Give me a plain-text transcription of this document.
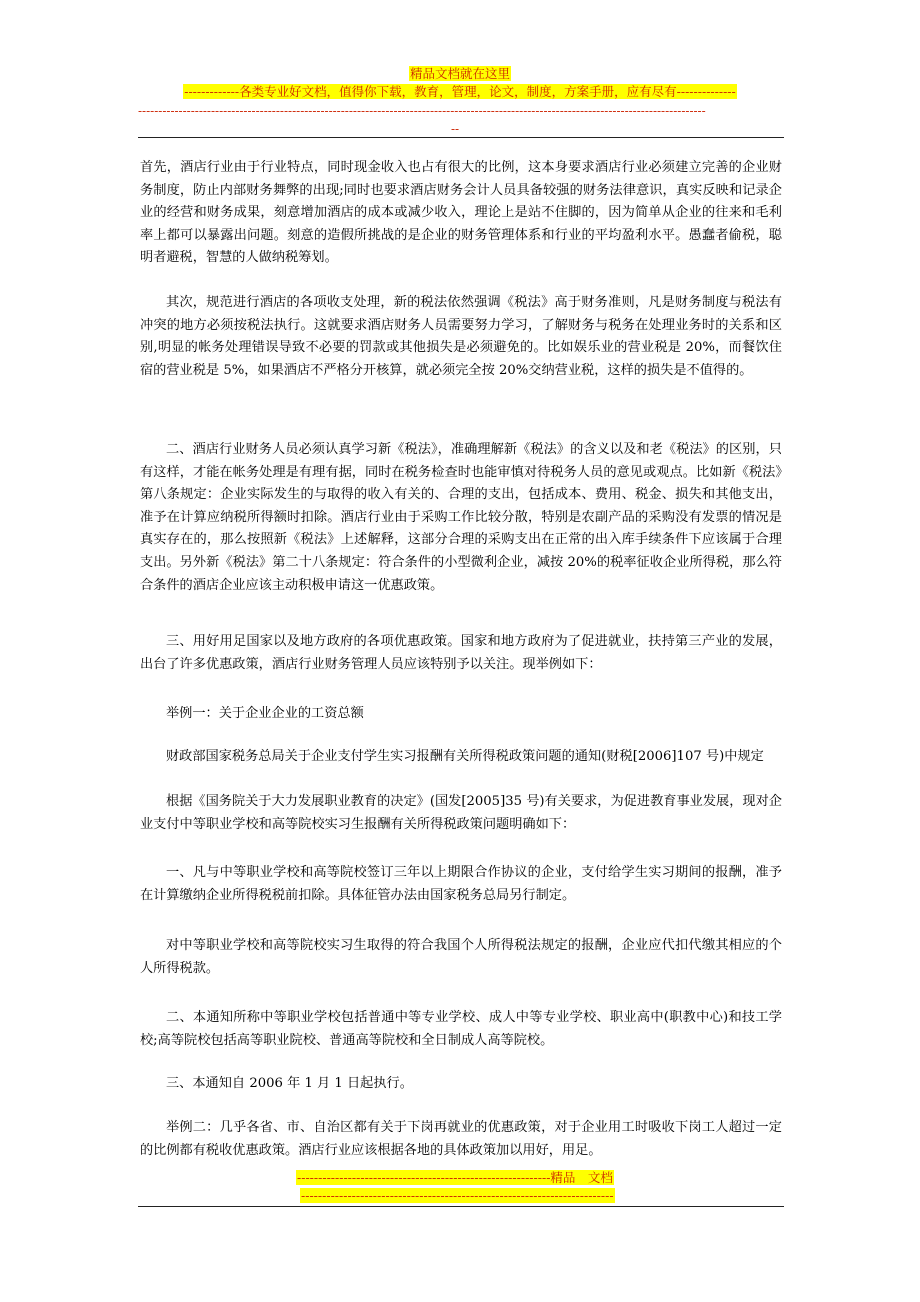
精品文档就在这里
-------------各类专业好文档，值得你下载，教育，管理，论文，制度，方案手册，应有尽有--------------
--------------------------------------------------------------------------------------------------------------------------------------------
--
首先，酒店行业由于行业特点，同时现金收入也占有很大的比例，这本身要求酒店行业必须建立完善的企业财务制度，防止内部财务舞弊的出现;同时也要求酒店财务会计人员具备较强的财务法律意识，真实反映和记录企业的经营和财务成果，刻意增加酒店的成本或减少收入，理论上是站不住脚的，因为简单从企业的往来和毛利率上都可以暴露出问题。刻意的造假所挑战的是企业的财务管理体系和行业的平均盈利水平。愚蠢者偷税，聪明者避税，智慧的人做纳税筹划。
其次，规范进行酒店的各项收支处理，新的税法依然强调《税法》高于财务准则，凡是财务制度与税法有冲突的地方必须按税法执行。这就要求酒店财务人员需要努力学习，了解财务与税务在处理业务时的关系和区别,明显的帐务处理错误导致不必要的罚款或其他损失是必须避免的。比如娱乐业的营业税是 20%，而餐饮住宿的营业税是 5%，如果酒店不严格分开核算，就必须完全按 20%交纳营业税，这样的损失是不值得的。
二、酒店行业财务人员必须认真学习新《税法》，准确理解新《税法》的含义以及和老《税法》的区别，只有这样，才能在帐务处理是有理有据，同时在税务检查时也能审慎对待税务人员的意见或观点。比如新《税法》第八条规定：企业实际发生的与取得的收入有关的、合理的支出，包括成本、费用、税金、损失和其他支出，准予在计算应纳税所得额时扣除。酒店行业由于采购工作比较分散，特别是农副产品的采购没有发票的情况是真实存在的，那么按照新《税法》上述解释，这部分合理的采购支出在正常的出入库手续条件下应该属于合理支出。另外新《税法》第二十八条规定：符合条件的小型微利企业，减按 20%的税率征收企业所得税，那么符合条件的酒店企业应该主动积极申请这一优惠政策。
三、用好用足国家以及地方政府的各项优惠政策。国家和地方政府为了促进就业，扶持第三产业的发展，出台了许多优惠政策，酒店行业财务管理人员应该特别予以关注。现举例如下：
举例一：关于企业企业的工资总额
财政部国家税务总局关于企业支付学生实习报酬有关所得税政策问题的通知(财税[2006]107 号)中规定
根据《国务院关于大力发展职业教育的决定》(国发[2005]35 号)有关要求，为促进教育事业发展，现对企业支付中等职业学校和高等院校实习生报酬有关所得税政策问题明确如下：
一、凡与中等职业学校和高等院校签订三年以上期限合作协议的企业，支付给学生实习期间的报酬，准予在计算缴纳企业所得税税前扣除。具体征管办法由国家税务总局另行制定。
对中等职业学校和高等院校实习生取得的符合我国个人所得税法规定的报酬，企业应代扣代缴其相应的个人所得税款。
二、本通知所称中等职业学校包括普通中等专业学校、成人中等专业学校、职业高中(职教中心)和技工学校;高等院校包括高等职业院校、普通高等院校和全日制成人高等院校。
三、本通知自 2006 年 1 月 1 日起执行。
举例二：几乎各省、市、自治区都有关于下岗再就业的优惠政策，对于企业用工时吸收下岗工人超过一定的比例都有税收优惠政策。酒店行业应该根据各地的具体政策加以用好，用足。
------------------------------------------------------------精品　文档
--------------------------------------------------------------------------
